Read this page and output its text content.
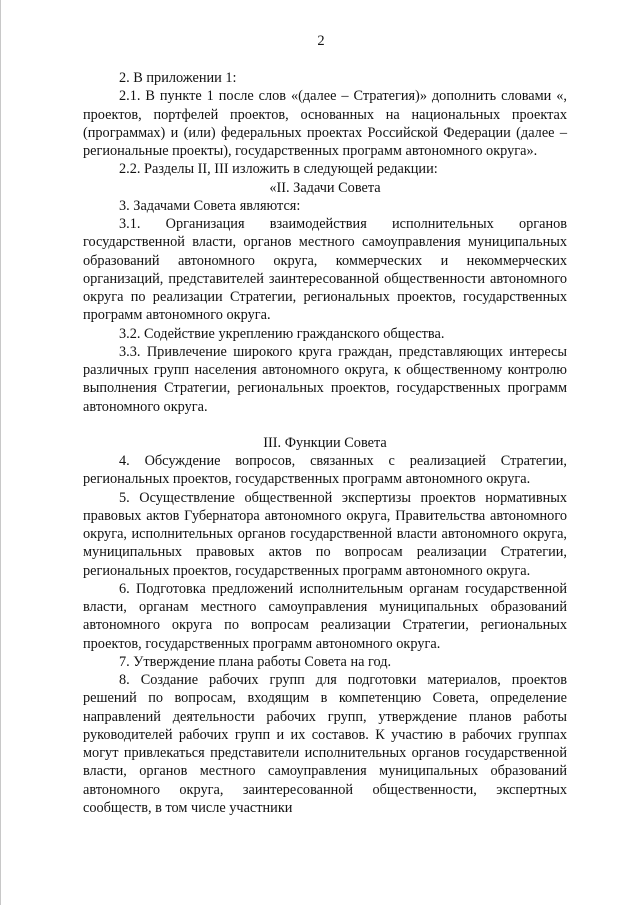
2

2. В приложении 1:

2.1. В пункте 1 после слов «(далее – Стратегия)» дополнить словами «, проектов, портфелей проектов, основанных на национальных проектах (программах) и (или) федеральных проектах Российской Федерации (далее – региональные проекты), государственных программ автономного округа».

2.2. Разделы II, III изложить в следующей редакции:

«II. Задачи Совета

3. Задачами Совета являются:

3.1. Организация взаимодействия исполнительных органов государственной власти, органов местного самоуправления муниципальных образований автономного округа, коммерческих и некоммерческих организаций, представителей заинтересованной общественности автономного округа по реализации Стратегии, региональных проектов, государственных программ автономного округа.

3.2. Содействие укреплению гражданского общества.

3.3. Привлечение широкого круга граждан, представляющих интересы различных групп населения автономного округа, к общественному контролю выполнения Стратегии, региональных проектов, государственных программ автономного округа.

III. Функции Совета

4. Обсуждение вопросов, связанных с реализацией Стратегии, региональных проектов, государственных программ автономного округа.

5. Осуществление общественной экспертизы проектов нормативных правовых актов Губернатора автономного округа, Правительства автономного округа, исполнительных органов государственной власти автономного округа, муниципальных правовых актов по вопросам реализации Стратегии, региональных проектов, государственных программ автономного округа.

6. Подготовка предложений исполнительным органам государственной власти, органам местного самоуправления муниципальных образований автономного округа по вопросам реализации Стратегии, региональных проектов, государственных программ автономного округа.

7. Утверждение плана работы Совета на год.

8. Создание рабочих групп для подготовки материалов, проектов решений по вопросам, входящим в компетенцию Совета, определение направлений деятельности рабочих групп, утверждение планов работы руководителей рабочих групп и их составов. К участию в рабочих группах могут привлекаться представители исполнительных органов государственной власти, органов местного самоуправления муниципальных образований автономного округа, заинтересованной общественности, экспертных сообществ, в том числе участники
